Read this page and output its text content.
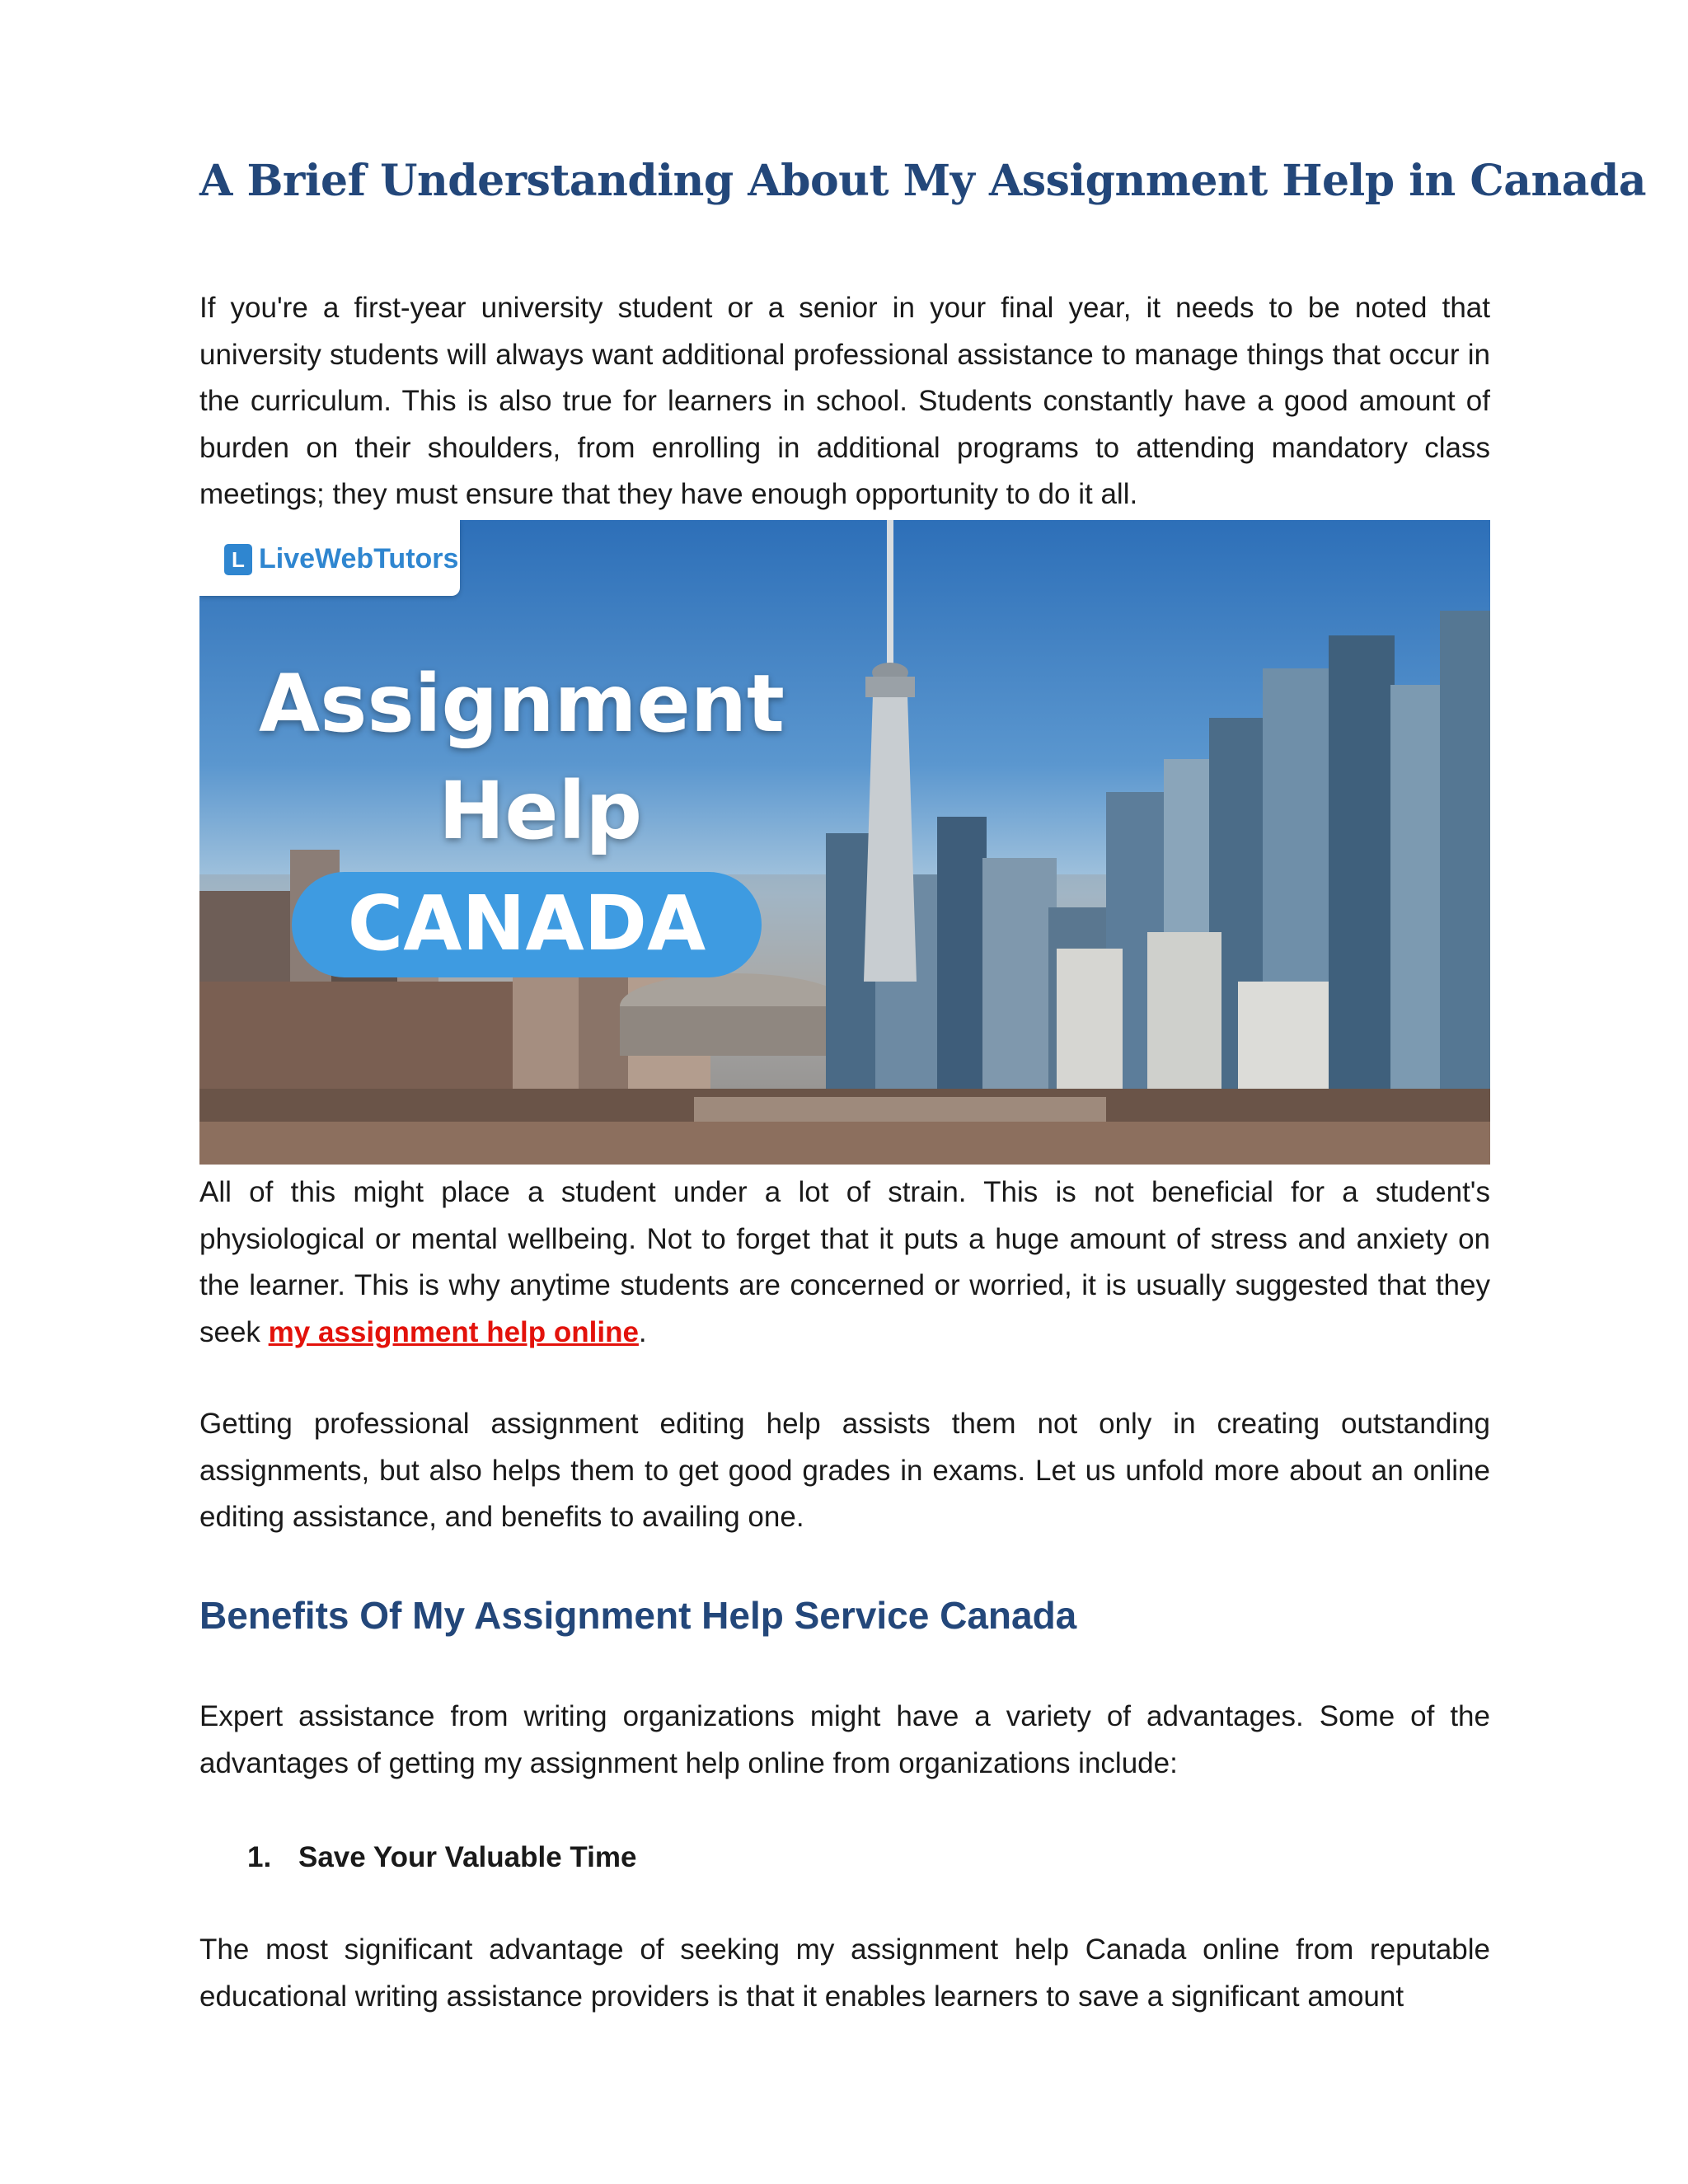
A Brief Understanding About My Assignment Help in Canada

If you're a first-year university student or a senior in your final year, it needs to be noted that university students will always want additional professional assistance to manage things that occur in the curriculum. This is also true for learners in school. Students constantly have a good amount of burden on their shoulders, from enrolling in additional programs to attending mandatory class meetings; they must ensure that they have enough opportunity to do it all.

All of this might place a student under a lot of strain. This is not beneficial for a student's physiological or mental wellbeing. Not to forget that it puts a huge amount of stress and anxiety on the learner. This is why anytime students are concerned or worried, it is usually suggested that they seek my assignment help online.

Getting professional assignment editing help assists them not only in creating outstanding assignments, but also helps them to get good grades in exams. Let us unfold more about an online editing assistance, and benefits to availing one.

Benefits Of My Assignment Help Service Canada

Expert assistance from writing organizations might have a variety of advantages. Some of the advantages of getting my assignment help online from organizations include:

1. Save Your Valuable Time

The most significant advantage of seeking my assignment help Canada online from reputable educational writing assistance providers is that it enables learners to save a significant amount

L LiveWebTutors
Assignment
Help
CANADA
